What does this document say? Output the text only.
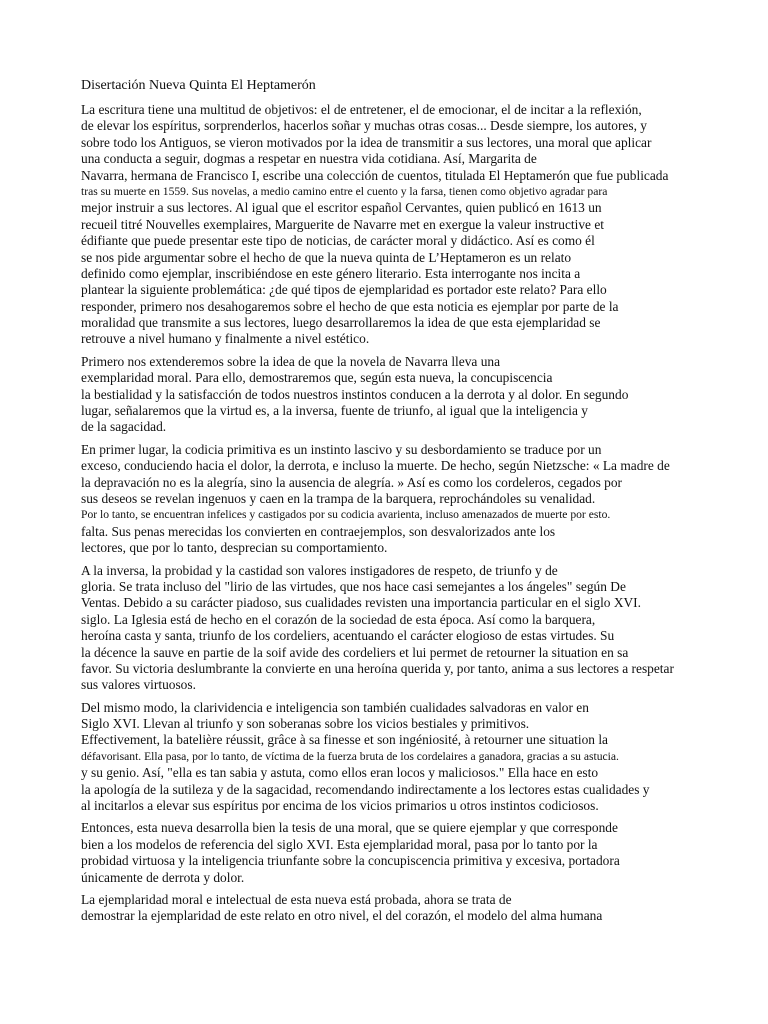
Disertación Nueva Quinta El Heptamerón
La escritura tiene una multitud de objetivos: el de entretener, el de emocionar, el de incitar a la reflexión,
de elevar los espíritus, sorprenderlos, hacerlos soñar y muchas otras cosas... Desde siempre, los autores, y
sobre todo los Antiguos, se vieron motivados por la idea de transmitir a sus lectores, una moral que aplicar
una conducta a seguir, dogmas a respetar en nuestra vida cotidiana. Así, Margarita de
Navarra, hermana de Francisco I, escribe una colección de cuentos, titulada El Heptamerón que fue publicada
tras su muerte en 1559. Sus novelas, a medio camino entre el cuento y la farsa, tienen como objetivo agradar para
mejor instruir a sus lectores. Al igual que el escritor español Cervantes, quien publicó en 1613 un
recueil titré Nouvelles exemplaires, Marguerite de Navarre met en exergue la valeur instructive et
édifiante que puede presentar este tipo de noticias, de carácter moral y didáctico. Así es como él
se nos pide argumentar sobre el hecho de que la nueva quinta de L’Heptameron es un relato
definido como ejemplar, inscribiéndose en este género literario. Esta interrogante nos incita a
plantear la siguiente problemática: ¿de qué tipos de ejemplaridad es portador este relato? Para ello
responder, primero nos desahogaremos sobre el hecho de que esta noticia es ejemplar por parte de la
moralidad que transmite a sus lectores, luego desarrollaremos la idea de que esta ejemplaridad se
retrouve a nivel humano y finalmente a nivel estético.
Primero nos extenderemos sobre la idea de que la novela de Navarra lleva una
exemplaridad moral. Para ello, demostraremos que, según esta nueva, la concupiscencia
la bestialidad y la satisfacción de todos nuestros instintos conducen a la derrota y al dolor. En segundo
lugar, señalaremos que la virtud es, a la inversa, fuente de triunfo, al igual que la inteligencia y
de la sagacidad.
En primer lugar, la codicia primitiva es un instinto lascivo y su desbordamiento se traduce por un
exceso, conduciendo hacia el dolor, la derrota, e incluso la muerte. De hecho, según Nietzsche: « La madre de
la depravación no es la alegría, sino la ausencia de alegría. » Así es como los cordeleros, cegados por
sus deseos se revelan ingenuos y caen en la trampa de la barquera, reprochándoles su venalidad.
Por lo tanto, se encuentran infelices y castigados por su codicia avarienta, incluso amenazados de muerte por esto.
falta. Sus penas merecidas los convierten en contraejemplos, son desvalorizados ante los
lectores, que por lo tanto, desprecian su comportamiento.
A la inversa, la probidad y la castidad son valores instigadores de respeto, de triunfo y de
gloria. Se trata incluso del "lirio de las virtudes, que nos hace casi semejantes a los ángeles" según De
Ventas. Debido a su carácter piadoso, sus cualidades revisten una importancia particular en el siglo XVI.
siglo. La Iglesia está de hecho en el corazón de la sociedad de esta época. Así como la barquera,
heroína casta y santa, triunfo de los cordeliers, acentuando el carácter elogioso de estas virtudes. Su
la décence la sauve en partie de la soif avide des cordeliers et lui permet de retourner la situation en sa
favor. Su victoria deslumbrante la convierte en una heroína querida y, por tanto, anima a sus lectores a respetar
sus valores virtuosos.
Del mismo modo, la clarividencia e inteligencia son también cualidades salvadoras en valor en
Siglo XVI. Llevan al triunfo y son soberanas sobre los vicios bestiales y primitivos.
Effectivement, la batelière réussit, grâce à sa finesse et son ingéniosité, à retourner une situation la
défavorisant. Ella pasa, por lo tanto, de víctima de la fuerza bruta de los cordelaires a ganadora, gracias a su astucia.
y su genio. Así, "ella es tan sabia y astuta, como ellos eran locos y maliciosos." Ella hace en esto
la apología de la sutileza y de la sagacidad, recomendando indirectamente a los lectores estas cualidades y
al incitarlos a elevar sus espíritus por encima de los vicios primarios u otros instintos codiciosos.
Entonces, esta nueva desarrolla bien la tesis de una moral, que se quiere ejemplar y que corresponde
bien a los modelos de referencia del siglo XVI. Esta ejemplaridad moral, pasa por lo tanto por la
probidad virtuosa y la inteligencia triunfante sobre la concupiscencia primitiva y excesiva, portadora
únicamente de derrota y dolor.
La ejemplaridad moral e intelectual de esta nueva está probada, ahora se trata de
demostrar la ejemplaridad de este relato en otro nivel, el del corazón, el modelo del alma humana
